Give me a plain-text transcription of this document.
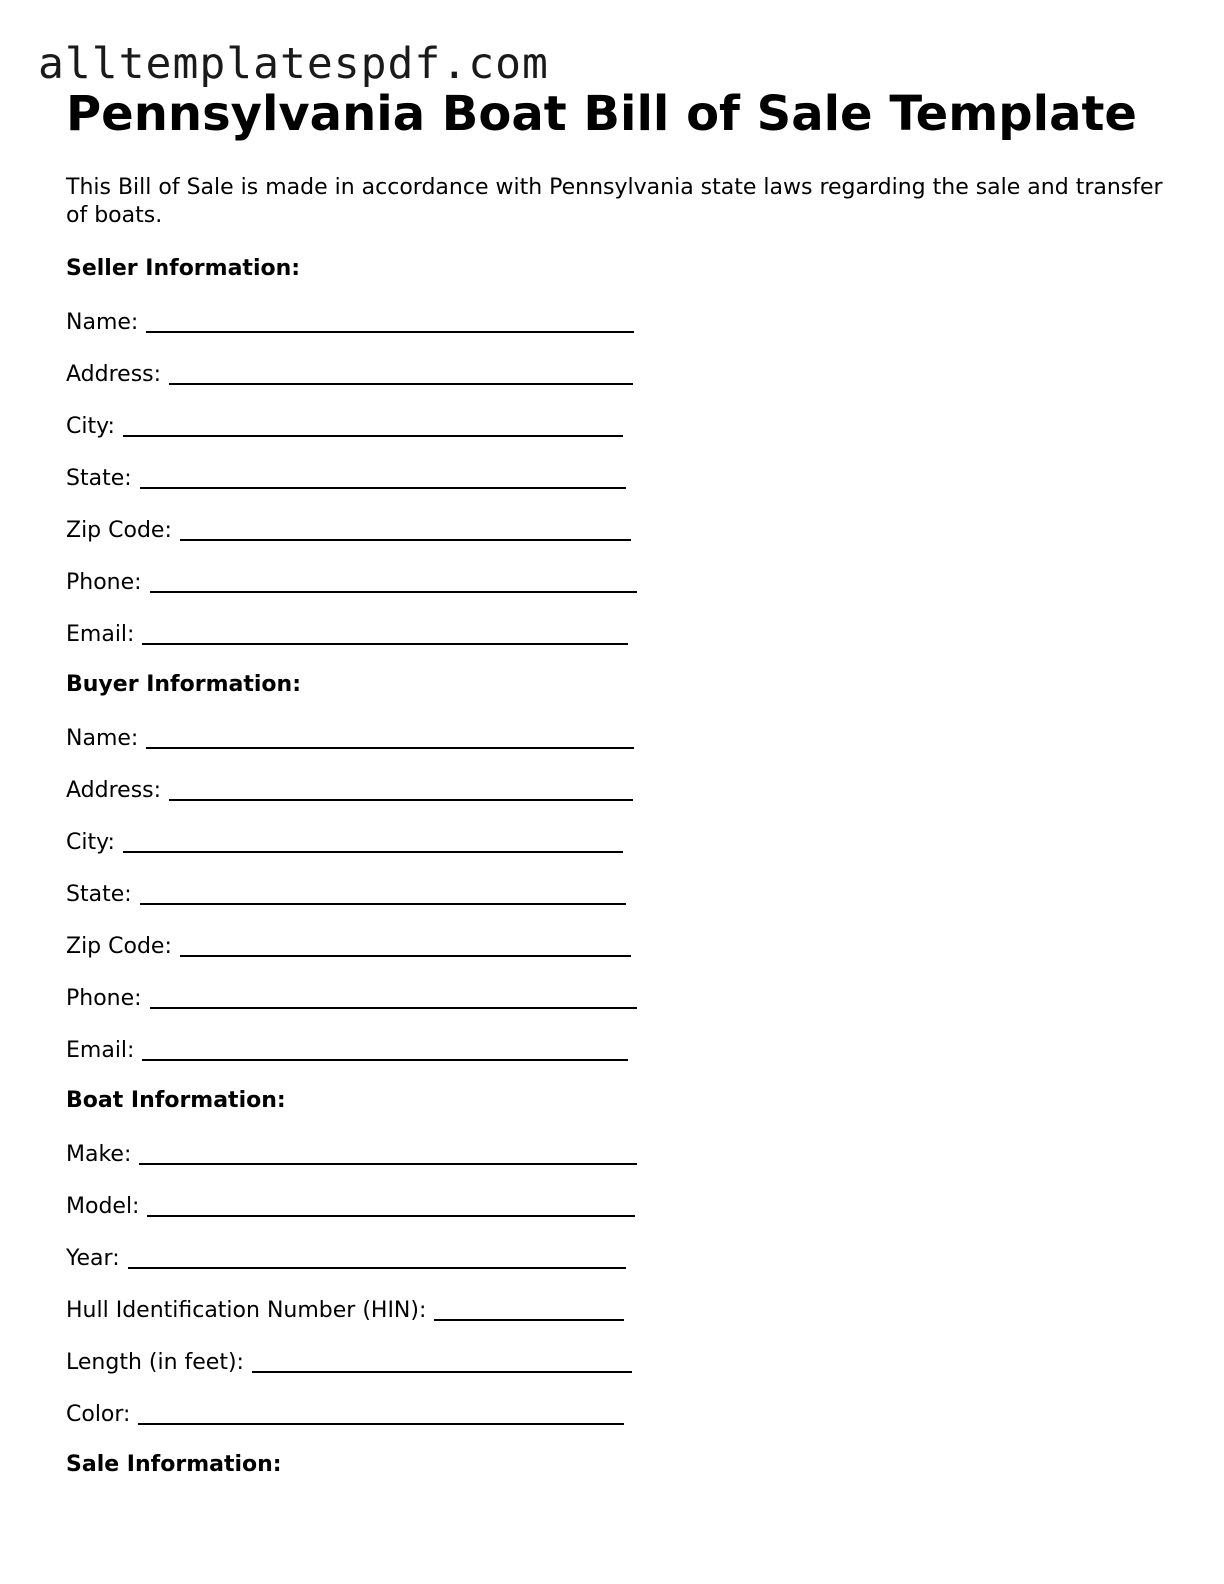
alltemplatespdf.com
Pennsylvania Boat Bill of Sale Template

This Bill of Sale is made in accordance with Pennsylvania state laws regarding the sale and transfer of boats.

Seller Information:
Name:
Address:
City:
State:
Zip Code:
Phone:
Email:
Buyer Information:
Name:
Address:
City:
State:
Zip Code:
Phone:
Email:
Boat Information:
Make:
Model:
Year:
Hull Identification Number (HIN):
Length (in feet):
Color:
Sale Information:
